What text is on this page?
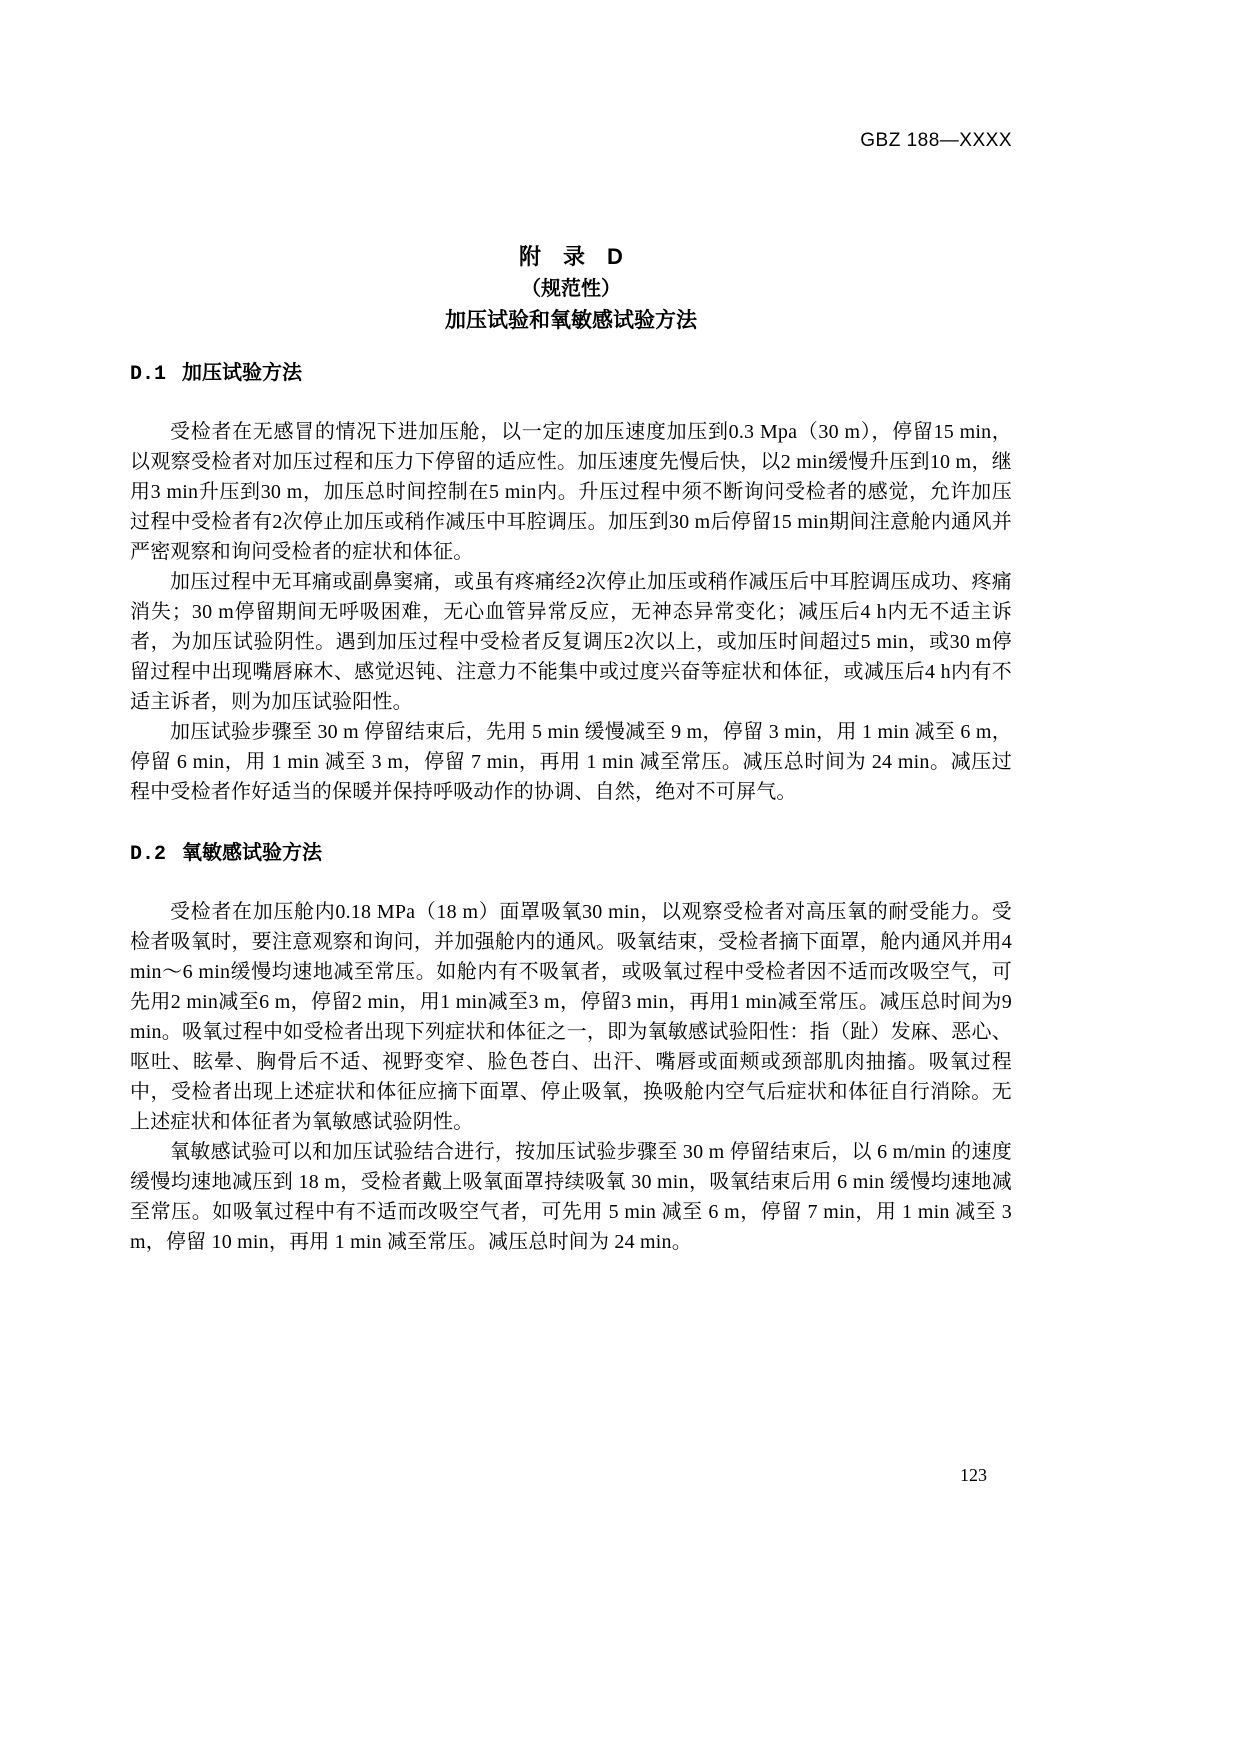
GBZ 188—XXXX
附　录　D
（规范性）
加压试验和氧敏感试验方法
D.1 加压试验方法

受检者在无感冒的情况下进加压舱，以一定的加压速度加压到0.3 Mpa（30 m），停留15 min，以观察受检者对加压过程和压力下停留的适应性。加压速度先慢后快，以2 min缓慢升压到10 m，继用3 min升压到30 m，加压总时间控制在5 min内。升压过程中须不断询问受检者的感觉，允许加压过程中受检者有2次停止加压或稍作减压中耳腔调压。加压到30 m后停留15 min期间注意舱内通风并严密观察和询问受检者的症状和体征。

加压过程中无耳痛或副鼻窦痛，或虽有疼痛经2次停止加压或稍作减压后中耳腔调压成功、疼痛消失；30 m停留期间无呼吸困难，无心血管异常反应，无神态异常变化；减压后4 h内无不适主诉者，为加压试验阴性。遇到加压过程中受检者反复调压2次以上，或加压时间超过5 min，或30 m停留过程中出现嘴唇麻木、感觉迟钝、注意力不能集中或过度兴奋等症状和体征，或减压后4 h内有不适主诉者，则为加压试验阳性。

加压试验步骤至 30 m 停留结束后，先用 5 min 缓慢减至 9 m，停留 3 min，用 1 min 减至 6 m，停留 6 min，用 1 min 减至 3 m，停留 7 min，再用 1 min 减至常压。减压总时间为 24 min。减压过程中受检者作好适当的保暖并保持呼吸动作的协调、自然，绝对不可屏气。

D.2 氧敏感试验方法

受检者在加压舱内0.18 MPa（18 m）面罩吸氧30 min，以观察受检者对高压氧的耐受能力。受检者吸氧时，要注意观察和询问，并加强舱内的通风。吸氧结束，受检者摘下面罩，舱内通风并用4 min～6 min缓慢均速地减至常压。如舱内有不吸氧者，或吸氧过程中受检者因不适而改吸空气，可先用2 min减至6 m，停留2 min，用1 min减至3 m，停留3 min，再用1 min减至常压。减压总时间为9 min。吸氧过程中如受检者出现下列症状和体征之一，即为氧敏感试验阳性：指（趾）发麻、恶心、呕吐、眩晕、胸骨后不适、视野变窄、脸色苍白、出汗、嘴唇或面颊或颈部肌肉抽搐。吸氧过程中，受检者出现上述症状和体征应摘下面罩、停止吸氧，换吸舱内空气后症状和体征自行消除。无上述症状和体征者为氧敏感试验阴性。

氧敏感试验可以和加压试验结合进行，按加压试验步骤至 30 m 停留结束后，以 6 m/min 的速度缓慢均速地减压到 18 m，受检者戴上吸氧面罩持续吸氧 30 min，吸氧结束后用 6 min 缓慢均速地减至常压。如吸氧过程中有不适而改吸空气者，可先用 5 min 减至 6 m，停留 7 min，用 1 min 减至 3 m，停留 10 min，再用 1 min 减至常压。减压总时间为 24 min。

123
